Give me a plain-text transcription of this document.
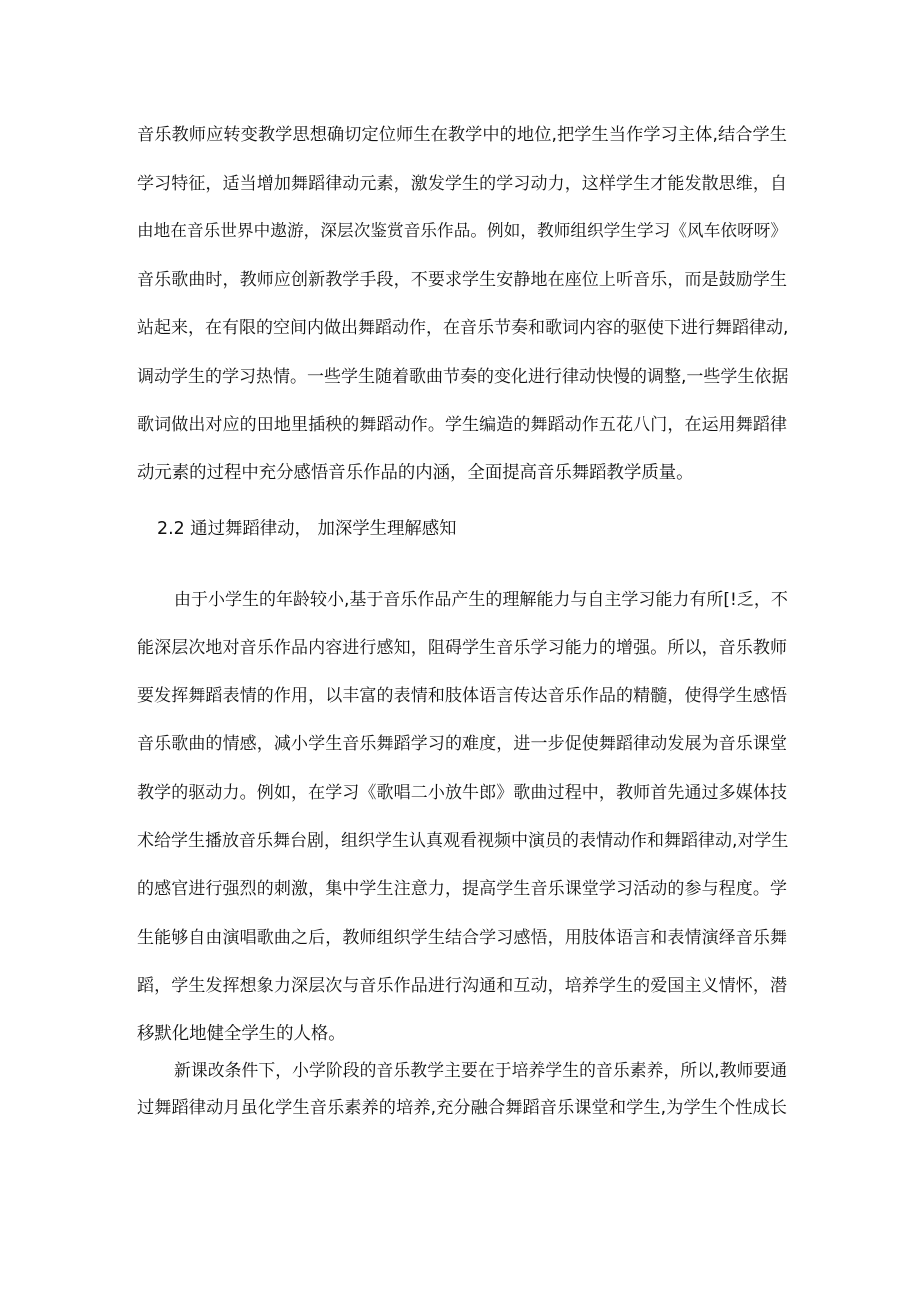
音乐教师应转变教学思想确切定位师生在教学中的地位,把学生当作学习主体,结合学生
学习特征，适当增加舞蹈律动元素，激发学生的学习动力，这样学生才能发散思维，自
由地在音乐世界中遨游，深层次鉴赏音乐作品。例如，教师组织学生学习《风车依呀呀》
音乐歌曲时，教师应创新教学手段，不要求学生安静地在座位上听音乐，而是鼓励学生
站起来，在有限的空间内做出舞蹈动作，在音乐节奏和歌词内容的驱使下进行舞蹈律动,
调动学生的学习热情。一些学生随着歌曲节奏的变化进行律动快慢的调整,一些学生依据
歌词做出对应的田地里插秧的舞蹈动作。学生编造的舞蹈动作五花八门，在运用舞蹈律
动元素的过程中充分感悟音乐作品的内涵，全面提高音乐舞蹈教学质量。
2.2 通过舞蹈律动， 加深学生理解感知
由于小学生的年龄较小,基于音乐作品产生的理解能力与自主学习能力有所[!乏，不
能深层次地对音乐作品内容进行感知，阻碍学生音乐学习能力的增强。所以，音乐教师
要发挥舞蹈表情的作用，以丰富的表情和肢体语言传达音乐作品的精髓，使得学生感悟
音乐歌曲的情感，减小学生音乐舞蹈学习的难度，进一步促使舞蹈律动发展为音乐课堂
教学的驱动力。例如，在学习《歌唱二小放牛郎》歌曲过程中，教师首先通过多媒体技
术给学生播放音乐舞台剧，组织学生认真观看视频中演员的表情动作和舞蹈律动,对学生
的感官进行强烈的刺激，集中学生注意力，提高学生音乐课堂学习活动的参与程度。学
生能够自由演唱歌曲之后，教师组织学生结合学习感悟，用肢体语言和表情演绎音乐舞
蹈，学生发挥想象力深层次与音乐作品进行沟通和互动，培养学生的爱国主义情怀，潜
移默化地健全学生的人格。
新课改条件下，小学阶段的音乐教学主要在于培养学生的音乐素养，所以,教师要通
过舞蹈律动月虽化学生音乐素养的培养,充分融合舞蹈音乐课堂和学生,为学生个性成长
